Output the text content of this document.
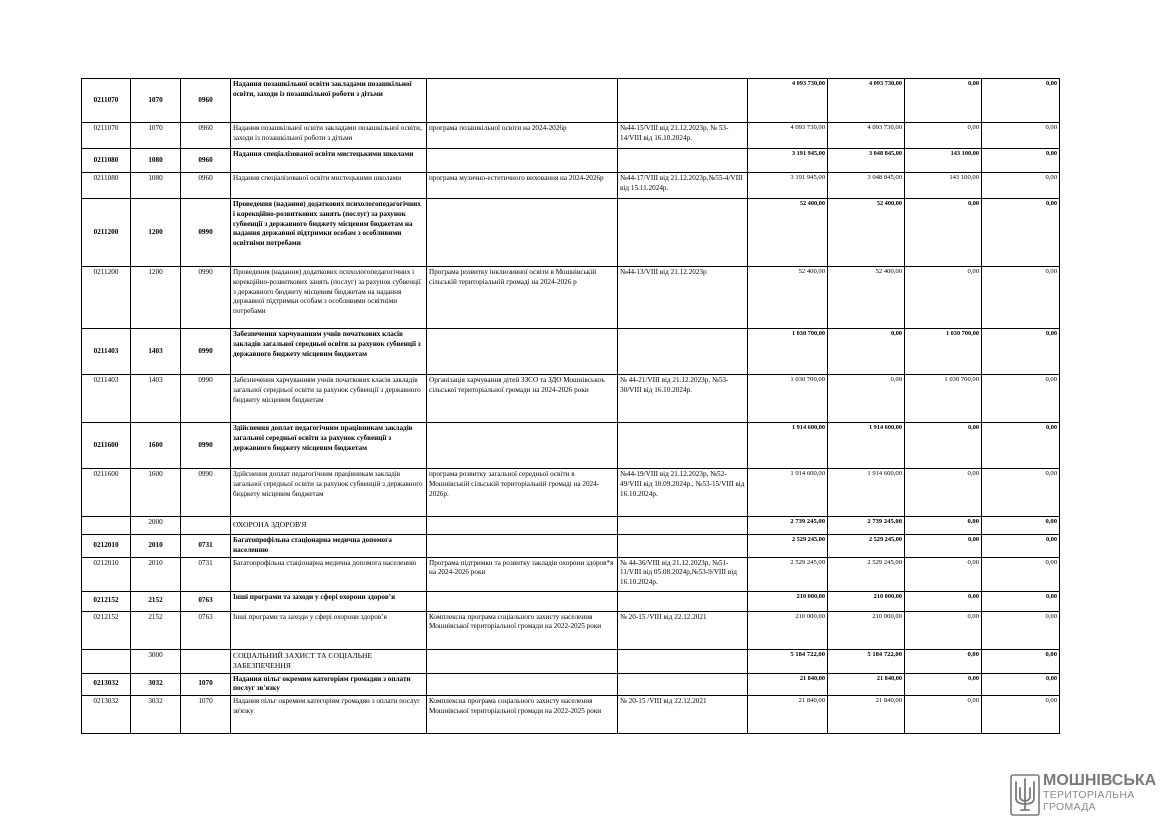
0211070	1070	0960	Надання позашкільної освіти закладами позашкільної освіти, заходи із позашкільної роботи з дітьми			4 093 730,00	4 093 730,00	0,00	0,00
0211070	1070	0960	Надання позашкільної освіти закладами позашкільної освіти, заходи із позашкільної роботи з дітьми	програма позашкільної освіти на 2024-2026р	№44-15/VIII від 21.12.2023р, № 53-14/VIII від 16.10.2024р.	4 093 730,00	4 093 730,00	0,00	0,00
0211080	1080	0960	Надання спеціалізованої освіти мистецькими школами			3 191 945,00	3 048 845,00	143 100,00	0,00
0211080	1080	0960	Надання спеціалізованої освіти мистецькими школами	програма музично-естетичного виховання на 2024-2026р	№44-17/VIII від 21.12.2023р,№55-4/VIII від 15.11.2024р.	3 191 945,00	3 048 845,00	143 100,00	0,00
0211200	1200	0990	Проведення (надання) додаткових психологопедагогічних і корекційно-розвиткових занять (послуг) за рахунок субвенції з державного бюджету місцевим бюджетам на надання державної підтримки особам з особливими освітніми потребами			52 400,00	52 400,00	0,00	0,00
0211200	1200	0990	Проведення (надання) додаткових психологопедагогічних і корекційно-розвиткових занять (послуг) за рахунок субвенції з державного бюджету місцевим бюджетам на надання державної підтримки особам з особливими освітніми потребами	Програма розвитку інклюзивної освіти в Мошнівській сільській територіальній громаді на 2024-2026 р	№44-13/VIII від 21.12.2023р	52 400,00	52 400,00	0,00	0,00
0211403	1403	0990	Забезпечення харчуванням учнів початкових класів закладів загальної середньої освіти за рахунок субвенції з державного бюджету місцевим бюджетам			1 030 700,00	0,00	1 030 700,00	0,00
0211403	1403	0990	Забезпечення харчуванням учнів початкових класів закладів загальної середньої освіти за рахунок субвенції з державного бюджету місцевим бюджетам	Організація харчування дітей ЗЗСО та ЗДО Мошнівськоъ сільської територіальної громади на 2024-2026 роки	№ 44-21/VIII від 21.12.2023р, №53-30/VIII від 16.10.2024р.	1 030 700,00	0,00	1 030 700,00	0,00
0211600	1600	0990	Здійснення доплат педагогічним працівникам закладів загальної середньої освіти за рахунок субвенції з державного бюджету місцевим бюджетам			1 914 600,00	1 914 600,00	0,00	0,00
0211600	1600	0990	Здійснення доплат педагогічним працівникам закладів загальної середньої освіти за рахунок субвенцій з державного бюджету місцевим бюджетам	програма розвитку загальної середньої освіти в Мошнівській сільській територіальній громаді на 2024-2026р.	№44-19/VIII від 21.12.2023р, №52-49/VIII від 10.09.2024р., №53-15/VIII від 16.10.2024р.	1 914 600,00	1 914 600,00	0,00	0,00
	2000		ОХОРОНА ЗДОРОВ'Я			2 739 245,00	2 739 245,00	0,00	0,00
0212010	2010	0731	Багатопрофільна стаціонарна медична допомога населенню			2 529 245,00	2 529 245,00	0,00	0,00
0212010	2010	0731	Багатопрофільна стаціонарна медична допомога населенню	Програма підтримки та розвитку закладів охорони здоров*я на 2024-2026 роки	№ 44-36/VIII від 21.12.2023р, №51-11/VIII від 05.08.2024р,№53-9/VIII від 16.10.2024р.	2 529 245,00	2 529 245,00	0,00	0,00
0212152	2152	0763	Інші програми та заходи у сфері охорони здоров’я			210 000,00	210 000,00	0,00	0,00
0212152	2152	0763	Інші програми та заходи у сфері охорони здоров’я	Комплексна програма соціального захисту населення Мошнівської територіальної громади на 2022-2025 роки	№ 20-15 /VIII від 22.12.2021	210 000,00	210 000,00	0,00	0,00
	3000		СОЦІАЛЬНИЙ ЗАХИСТ ТА СОЦІАЛЬНЕ ЗАБЕЗПЕЧЕННЯ			5 184 722,00	5 184 722,00	0,00	0,00
0213032	3032	1070	Надання пільг окремим категоріям громадян з оплати послуг зв'язку			21 840,00	21 840,00	0,00	0,00
0213032	3032	1070	Надання пільг окремим категоріям громадян з оплати послуг зв'язку	Комплексна програма соціального захисту населення Мошнівської територіальної громади на 2022-2025 роки	№ 20-15 /VIII від 22.12.2021	21 840,00	21 840,00	0,00	0,00
МОШНІВСЬКА
ТЕРИТОРІАЛЬНА
ГРОМАДА
